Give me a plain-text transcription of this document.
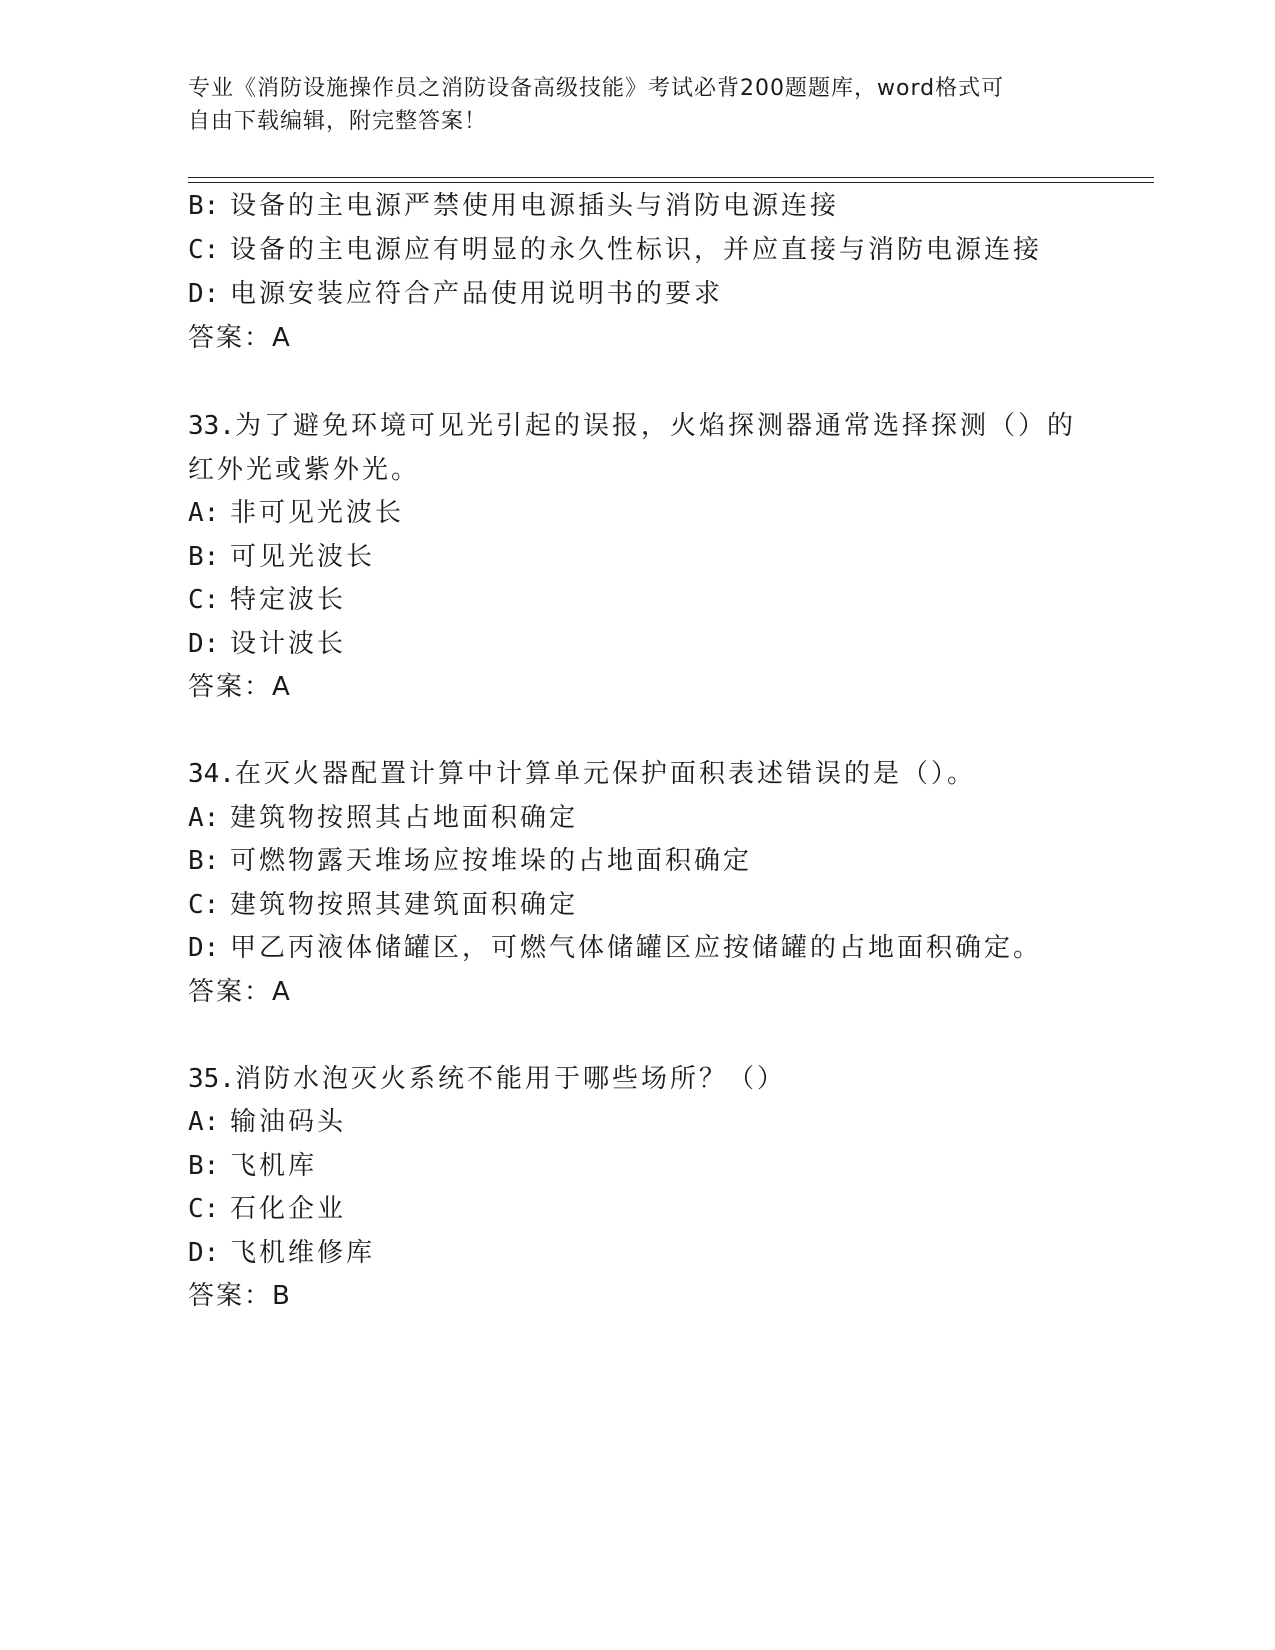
专业《消防设施操作员之消防设备高级技能》考试必背200题题库，word格式可
自由下载编辑，附完整答案！
B: 设备的主电源严禁使用电源插头与消防电源连接
C: 设备的主电源应有明显的永久性标识，并应直接与消防电源连接
D: 电源安装应符合产品使用说明书的要求
答案：A
33.为了避免环境可见光引起的误报，火焰探测器通常选择探测（）的
红外光或紫外光。
A: 非可见光波长
B: 可见光波长
C: 特定波长
D: 设计波长
答案：A
34.在灭火器配置计算中计算单元保护面积表述错误的是（）。
A: 建筑物按照其占地面积确定
B: 可燃物露天堆场应按堆垛的占地面积确定
C: 建筑物按照其建筑面积确定
D: 甲乙丙液体储罐区，可燃气体储罐区应按储罐的占地面积确定。
答案：A
35.消防水泡灭火系统不能用于哪些场所？（）
A: 输油码头
B: 飞机库
C: 石化企业
D: 飞机维修库
答案：B
